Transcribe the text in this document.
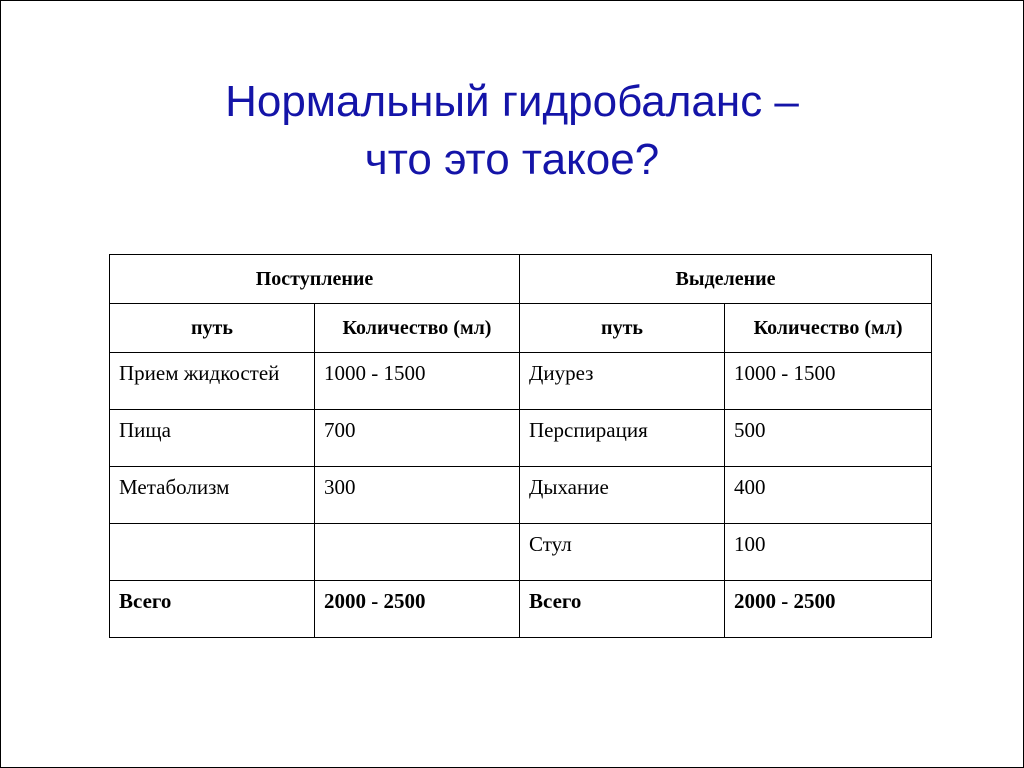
Нормальный гидробаланс –
что это такое?
Поступление		Выделение	
путь	Количество (мл)	путь	Количество (мл)
Прием жидкостей	1000 - 1500	Диурез	1000 - 1500
Пища	700	Перспирация	500
Метаболизм	300	Дыхание	400
		Стул	100
Всего	2000 - 2500	Всего	2000 - 2500
